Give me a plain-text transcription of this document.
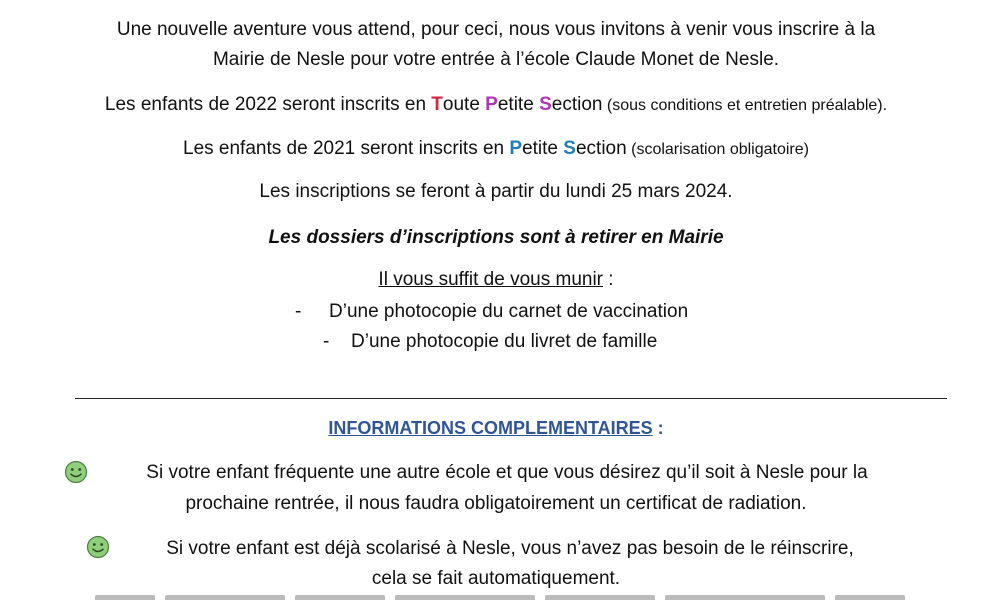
Une nouvelle aventure vous attend, pour ceci, nous vous invitons à venir vous inscrire à la
Mairie de Nesle pour votre entrée à l’école Claude Monet de Nesle.
Les enfants de 2022 seront inscrits en Toute Petite Section (sous conditions et entretien préalable).
Les enfants de 2021 seront inscrits en Petite Section (scolarisation obligatoire)
Les inscriptions se feront à partir du lundi 25 mars 2024.
Les dossiers d’inscriptions sont à retirer en Mairie
Il vous suffit de vous munir :
- D’une photocopie du carnet de vaccination
- D’une photocopie du livret de famille
INFORMATIONS COMPLEMENTAIRES :
Si votre enfant fréquente une autre école et que vous désirez qu’il soit à Nesle pour la
prochaine rentrée, il nous faudra obligatoirement un certificat de radiation.
Si votre enfant est déjà scolarisé à Nesle, vous n’avez pas besoin de le réinscrire,
cela se fait automatiquement.
